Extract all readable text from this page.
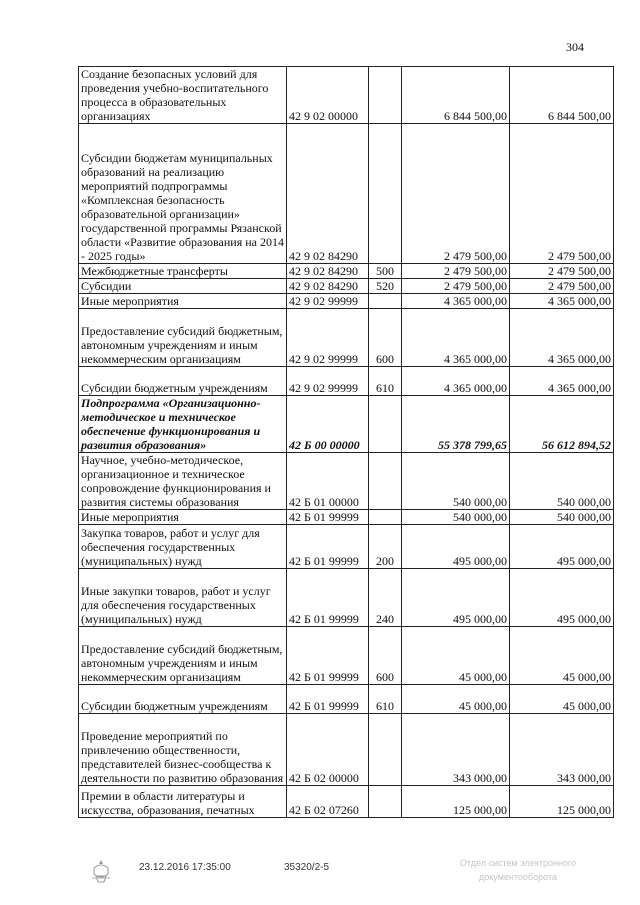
304
Создание безопасных условий для проведения учебно-воспитательного процесса в образовательных организациях	42 9 02 00000		6 844 500,00	6 844 500,00
Субсидии бюджетам муниципальных образований на реализацию мероприятий подпрограммы «Комплексная безопасность образовательной организации» государственной программы Рязанской области «Развитие образования на 2014 - 2025 годы»	42 9 02 84290		2 479 500,00	2 479 500,00
Межбюджетные трансферты	42 9 02 84290	500	2 479 500,00	2 479 500,00
Субсидии	42 9 02 84290	520	2 479 500,00	2 479 500,00
Иные мероприятия	42 9 02 99999		4 365 000,00	4 365 000,00
Предоставление субсидий бюджетным, автономным учреждениям и иным некоммерческим организациям	42 9 02 99999	600	4 365 000,00	4 365 000,00
Субсидии бюджетным учреждениям	42 9 02 99999	610	4 365 000,00	4 365 000,00
Подпрограмма «Организационно-методическое и техническое обеспечение функционирования и развития образования»	42 Б 00 00000		55 378 799,65	56 612 894,52
Научное, учебно-методическое, организационное и техническое сопровождение функционирования и развития системы образования	42 Б 01 00000		540 000,00	540 000,00
Иные мероприятия	42 Б 01 99999		540 000,00	540 000,00
Закупка товаров, работ и услуг для обеспечения государственных (муниципальных) нужд	42 Б 01 99999	200	495 000,00	495 000,00
Иные закупки товаров, работ и услуг для обеспечения государственных (муниципальных) нужд	42 Б 01 99999	240	495 000,00	495 000,00
Предоставление субсидий бюджетным, автономным учреждениям и иным некоммерческим организациям	42 Б 01 99999	600	45 000,00	45 000,00
Субсидии бюджетным учреждениям	42 Б 01 99999	610	45 000,00	45 000,00
Проведение мероприятий по привлечению общественности, представителей бизнес-сообщества к деятельности по развитию образования	42 Б 02 00000		343 000,00	343 000,00
Премии в области литературы и искусства, образования, печатных	42 Б 02 07260		125 000,00	125 000,00
23.12.2016 17:35:00	35320/2-5	Отдел систем электронного документооборота
